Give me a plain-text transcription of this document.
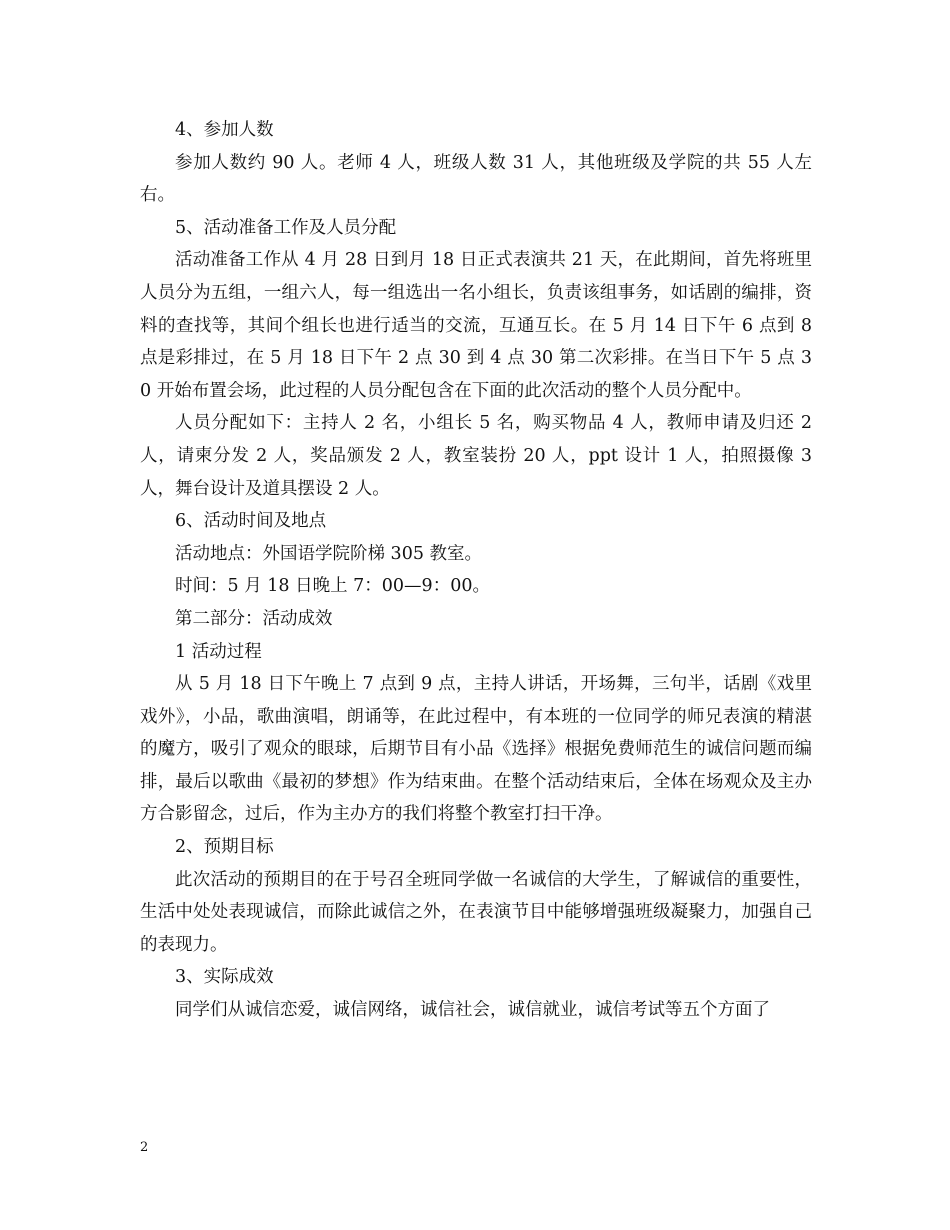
4、参加人数

参加人数约 90 人。老师 4 人，班级人数 31 人，其他班级及学院的共 55 人左右。

5、活动准备工作及人员分配

活动准备工作从 4 月 28 日到月 18 日正式表演共 21 天，在此期间，首先将班里人员分为五组，一组六人，每一组选出一名小组长，负责该组事务，如话剧的编排，资料的查找等，其间个组长也进行适当的交流，互通互长。在 5 月 14 日下午 6 点到 8 点是彩排过，在 5 月 18 日下午 2 点 30 到 4 点 30 第二次彩排。在当日下午 5 点 30 开始布置会场，此过程的人员分配包含在下面的此次活动的整个人员分配中。

人员分配如下：主持人 2 名，小组长 5 名，购买物品 4 人，教师申请及归还 2 人，请柬分发 2 人，奖品颁发 2 人，教室装扮 20 人，ppt 设计 1 人，拍照摄像 3 人，舞台设计及道具摆设 2 人。

6、活动时间及地点

活动地点：外国语学院阶梯 305 教室。

时间：5 月 18 日晚上 7：00—9：00。

第二部分：活动成效

1 活动过程

从 5 月 18 日下午晚上 7 点到 9 点，主持人讲话，开场舞，三句半，话剧《戏里戏外》，小品，歌曲演唱，朗诵等，在此过程中，有本班的一位同学的师兄表演的精湛的魔方，吸引了观众的眼球，后期节目有小品《选择》根据免费师范生的诚信问题而编排，最后以歌曲《最初的梦想》作为结束曲。在整个活动结束后，全体在场观众及主办方合影留念，过后，作为主办方的我们将整个教室打扫干净。

2、预期目标

此次活动的预期目的在于号召全班同学做一名诚信的大学生，了解诚信的重要性，生活中处处表现诚信，而除此诚信之外，在表演节目中能够增强班级凝聚力，加强自己的表现力。

3、实际成效

同学们从诚信恋爱，诚信网络，诚信社会，诚信就业，诚信考试等五个方面了

2
